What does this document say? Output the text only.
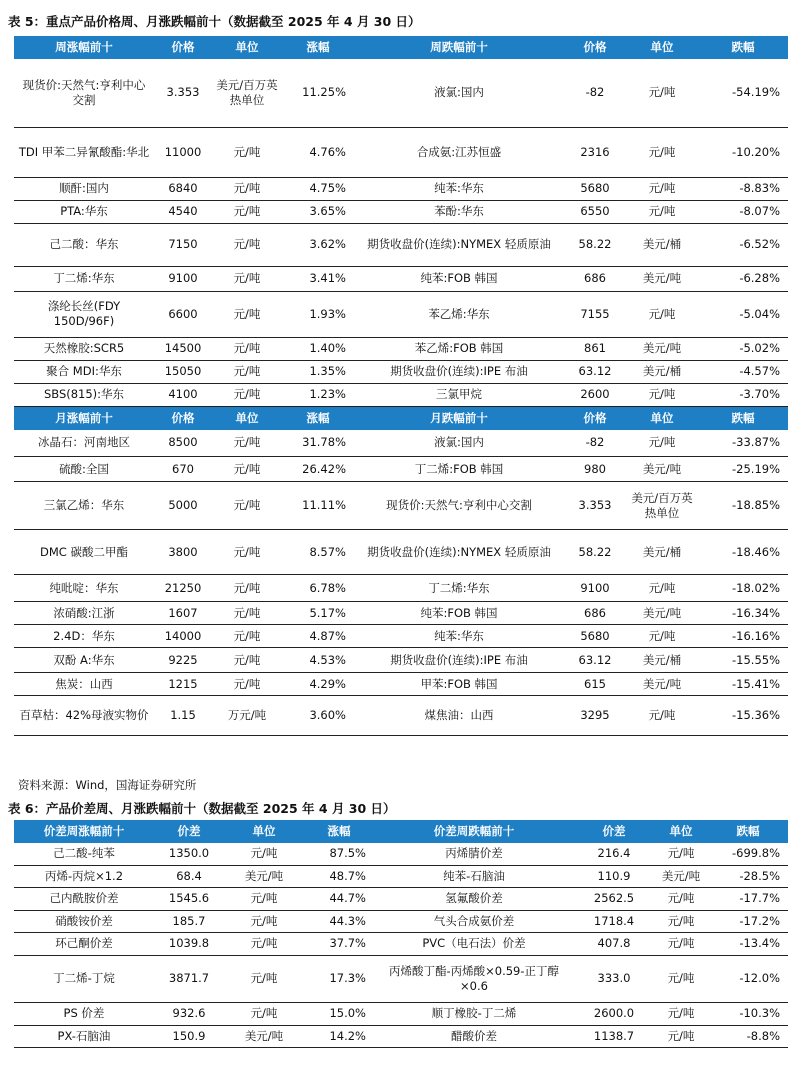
表 5：重点产品价格周、月涨跌幅前十（数据截至 2025 年 4 月 30 日）
周涨幅前十	价格	单位	涨幅	周跌幅前十	价格	单位	跌幅
现货价:天然气:亨利中心交割	3.353	美元/百万英热单位	11.25%	液氯:国内	-82	元/吨	-54.19%
TDI 甲苯二异氰酸酯:华北	11000	元/吨	4.76%	合成氨:江苏恒盛	2316	元/吨	-10.20%
顺酐:国内	6840	元/吨	4.75%	纯苯:华东	5680	元/吨	-8.83%
PTA:华东	4540	元/吨	3.65%	苯酚:华东	6550	元/吨	-8.07%
己二酸：华东	7150	元/吨	3.62%	期货收盘价(连续):NYMEX 轻质原油	58.22	美元/桶	-6.52%
丁二烯:华东	9100	元/吨	3.41%	纯苯:FOB 韩国	686	美元/吨	-6.28%
涤纶长丝(FDY 150D/96F)	6600	元/吨	1.93%	苯乙烯:华东	7155	元/吨	-5.04%
天然橡胶:SCR5	14500	元/吨	1.40%	苯乙烯:FOB 韩国	861	美元/吨	-5.02%
聚合 MDI:华东	15050	元/吨	1.35%	期货收盘价(连续):IPE 布油	63.12	美元/桶	-4.57%
SBS(815):华东	4100	元/吨	1.23%	三氯甲烷	2600	元/吨	-3.70%
月涨幅前十	价格	单位	涨幅	月跌幅前十	价格	单位	跌幅
冰晶石：河南地区	8500	元/吨	31.78%	液氯:国内	-82	元/吨	-33.87%
硫酸:全国	670	元/吨	26.42%	丁二烯:FOB 韩国	980	美元/吨	-25.19%
三氯乙烯：华东	5000	元/吨	11.11%	现货价:天然气:亨利中心交割	3.353	美元/百万英热单位	-18.85%
DMC 碳酸二甲酯	3800	元/吨	8.57%	期货收盘价(连续):NYMEX 轻质原油	58.22	美元/桶	-18.46%
纯吡啶：华东	21250	元/吨	6.78%	丁二烯:华东	9100	元/吨	-18.02%
浓硝酸:江浙	1607	元/吨	5.17%	纯苯:FOB 韩国	686	美元/吨	-16.34%
2.4D：华东	14000	元/吨	4.87%	纯苯:华东	5680	元/吨	-16.16%
双酚 A:华东	9225	元/吨	4.53%	期货收盘价(连续):IPE 布油	63.12	美元/桶	-15.55%
焦炭：山西	1215	元/吨	4.29%	甲苯:FOB 韩国	615	美元/吨	-15.41%
百草枯：42%母液实物价	1.15	万元/吨	3.60%	煤焦油：山西	3295	元/吨	-15.36%
资料来源：Wind，国海证券研究所
表 6：产品价差周、月涨跌幅前十（数据截至 2025 年 4 月 30 日）
价差周涨幅前十	价差	单位	涨幅	价差周跌幅前十	价差	单位	跌幅
己二酸-纯苯	1350.0	元/吨	87.5%	丙烯腈价差	216.4	元/吨	-699.8%
丙烯-丙烷×1.2	68.4	美元/吨	48.7%	纯苯-石脑油	110.9	美元/吨	-28.5%
己内酰胺价差	1545.6	元/吨	44.7%	氢氟酸价差	2562.5	元/吨	-17.7%
硝酸铵价差	185.7	元/吨	44.3%	气头合成氨价差	1718.4	元/吨	-17.2%
环己酮价差	1039.8	元/吨	37.7%	PVC（电石法）价差	407.8	元/吨	-13.4%
丁二烯-丁烷	3871.7	元/吨	17.3%	丙烯酸丁酯-丙烯酸×0.59-正丁醇×0.6	333.0	元/吨	-12.0%
PS 价差	932.6	元/吨	15.0%	顺丁橡胶-丁二烯	2600.0	元/吨	-10.3%
PX-石脑油	150.9	美元/吨	14.2%	醋酸价差	1138.7	元/吨	-8.8%
